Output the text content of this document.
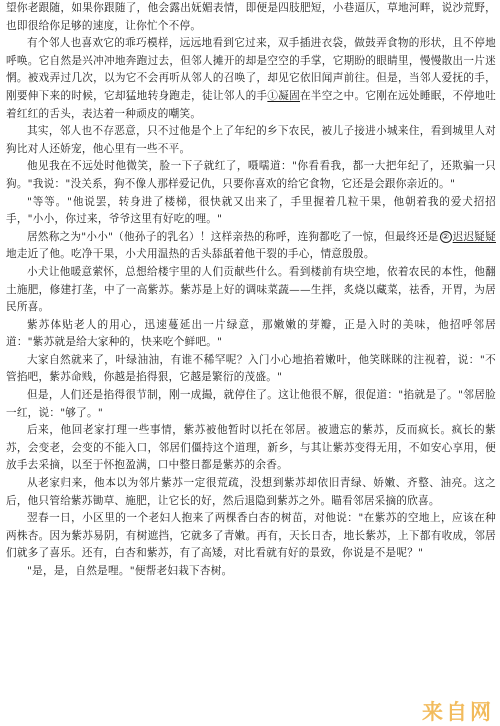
望你老跟随，如果你跟随了，他会露出妩媚表情，即便是四肢肥短，小巷逼仄，草地河畔，说沙荒野，也即很给你足够的速度，让你忙个不停。

有个邻人也喜欢它的乖巧模样，远远地看到它过来，双手插进衣袋，做鼓弄食物的形状，且不停地呼唤。它自然是兴冲冲地奔跑过去，但邻人摊开的却是空空的手掌，它期盼的眼睛里，慢慢散出一片迷惘。被戏弄过几次，以为它不会再听从邻人的召唤了，却见它依旧闻声前往。但是，当邻人爱抚的手，刚要伸下来的时候，它却猛地转身跑走，徒让邻人的手①凝固在半空之中。它刚在远处睡眠，不停地吐着红红的舌头，表达着一种顽皮的嘲笑。

其实，邻人也不存恶意，只不过他是个上了年纪的乡下农民，被儿子接进小城来住，看到城里人对狗比对人还娇宠，他心里有一些不平。

他见我在不远处时他微笑，脸一下子就红了，嗫嚅道："你看看我，都一大把年纪了，还欺骗一只狗。"我说："没关系，狗不像人那样爱记仇，只要你喜欢的给它食物，它还是会跟你亲近的。"

"等等。"他说罢，转身进了楼梯，很快就又出来了，手里握着几粒干果，他朝着我的爱犬招招手，"小小，你过来，爷爷这里有好吃的哩。"

居然称之为"小小"（他孙子的乳名）！这样亲热的称呼，连狗都吃了一惊，但最终还是 ② 迟迟疑疑地走近了他。吃净干果，小犬用温热的舌头舔舐着他干裂的手心，情意殷殷。

小犬让他暖意萦怀，总想给楼宇里的人们贡献些什么。看到楼前有块空地，依着农民的本性，他翻土施肥，修建打垄，中了一高紫苏。紫苏是上好的调味菜蔬——生拌，炙烧以藏菜，祛香，开胃，为居民所喜。

紫苏体贴老人的用心，迅速蔓延出一片绿意，那嫩嫩的芽瓣，正是入时的美味，他招呼邻居道："紫苏就是给大家种的，快来吃个鲜吧。"

大家自然就来了，叶绿油油，有谁不稀罕呢？入门小心地掐着嫩叶，他笑眯眯的注视着，说："不管掐吧，紫苏命贱，你越是掐得狠，它越是繁衍的茂盛。"

但是，人们还是掐得很节制，刚一成撮，就停住了。这让他很不解，很促道："掐就是了。"邻居脸一红，说："够了。"

后来，他回老家打理一些事情，紫苏被他暂时以托在邻居。被遗忘的紫苏，反而疯长。疯长的紫苏，会变老，会变的不能入口，邻居们僵持这个道理，新乡，与其让紫苏变得无用，不如安心享用，便放手去采摘，以至于怀抱盈满，口中整日都是紫苏的余香。

从老家归来，他本以为邻片紫苏一定很荒疏，没想到紫苏却依旧青绿、娇嫩、齐整、油亮。这之后，他只管给紫苏锄草、施肥，让它长的好，然后退隐到紫苏之外。瞄看邻居采摘的欣喜。

翌春一日，小区里的一个老妇人抱来了两棵香白杏的树苗，对他说："在紫苏的空地上，应该在种两株杏。因为紫苏易阴，有树遮挡，它就多了青嫩。再有，天长日杏，地长紫苏，上下都有收成，邻居们就多了喜乐。还有，白杏和紫苏，有了高矮，对比看就有好的景致，你说是不是呢？"

"是，是，自然是哩。"便帮老妇栽下杏树。

来自网
